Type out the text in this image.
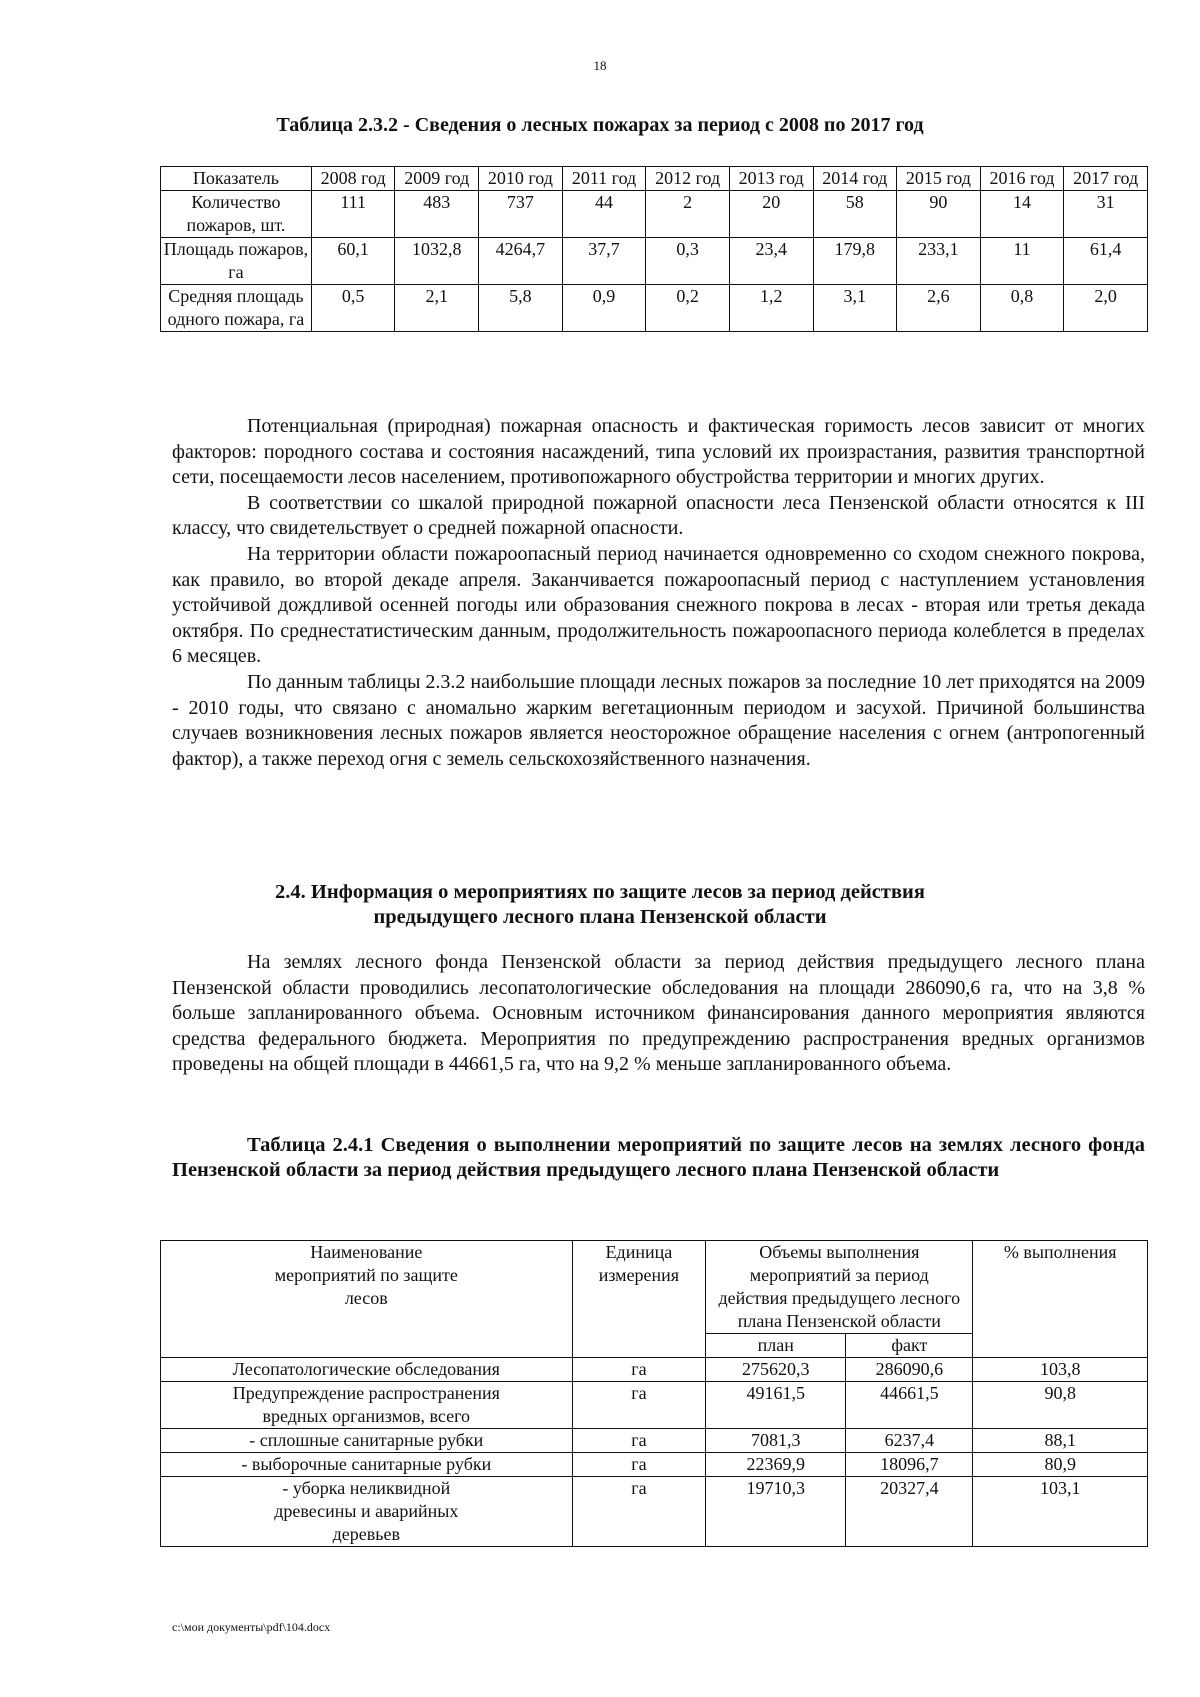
18
Таблица 2.3.2 - Сведения о лесных пожарах за период с 2008 по 2017 год
Показатель	2008 год	2009 год	2010 год	2011 год	2012 год	2013 год	2014 год	2015 год	2016 год	2017 год
Количество пожаров, шт.	111	483	737	44	2	20	58	90	14	31
Площадь пожаров, га	60,1	1032,8	4264,7	37,7	0,3	23,4	179,8	233,1	11	61,4
Средняя площадь одного пожара, га	0,5	2,1	5,8	0,9	0,2	1,2	3,1	2,6	0,8	2,0

Потенциальная (природная) пожарная опасность и фактическая горимость лесов зависит от многих факторов: породного состава и состояния насаждений, типа условий их произрастания, развития транспортной сети, посещаемости лесов населением, противопожарного обустройства территории и многих других.

В соответствии со шкалой природной пожарной опасности леса Пензенской области относятся к III классу, что свидетельствует о средней пожарной опасности.

На территории области пожароопасный период начинается одновременно со сходом снежного покрова, как правило, во второй декаде апреля. Заканчивается пожароопасный период с наступлением установления устойчивой дождливой осенней погоды или образования снежного покрова в лесах - вторая или третья декада октября. По среднестатистическим данным, продолжительность пожароопасного периода колеблется в пределах 6 месяцев.

По данным таблицы 2.3.2 наибольшие площади лесных пожаров за последние 10 лет приходятся на 2009 - 2010 годы, что связано с аномально жарким вегетационным периодом и засухой. Причиной большинства случаев возникновения лесных пожаров является неосторожное обращение населения с огнем (антропогенный фактор), а также переход огня с земель сельскохозяйственного назначения.

2.4. Информация о мероприятиях по защите лесов за период действия
предыдущего лесного плана Пензенской области

На землях лесного фонда Пензенской области за период действия предыдущего лесного плана Пензенской области проводились лесопатологические обследования на площади 286090,6 га, что на 3,8 % больше запланированного объема. Основным источником финансирования данного мероприятия являются средства федерального бюджета. Мероприятия по предупреждению распространения вредных организмов проведены на общей площади в 44661,5 га, что на 9,2 % меньше запланированного объема.

Таблица 2.4.1 Сведения о выполнении мероприятий по защите лесов на землях лесного фонда Пензенской области за период действия предыдущего лесного плана Пензенской области
Наименование мероприятий по защите лесов	Единица измерения	Объемы выполнения мероприятий за период действия предыдущего лесного плана Пензенской области		% выполнения
		план	факт	
Лесопатологические обследования	га	275620,3	286090,6	103,8
Предупреждение распространения вредных организмов, всего	га	49161,5	44661,5	90,8
- сплошные санитарные рубки	га	7081,3	6237,4	88,1
- выборочные санитарные рубки	га	22369,9	18096,7	80,9
- уборка неликвидной древесины и аварийных деревьев	га	19710,3	20327,4	103,1
c:\мои документы\pdf\104.docx
